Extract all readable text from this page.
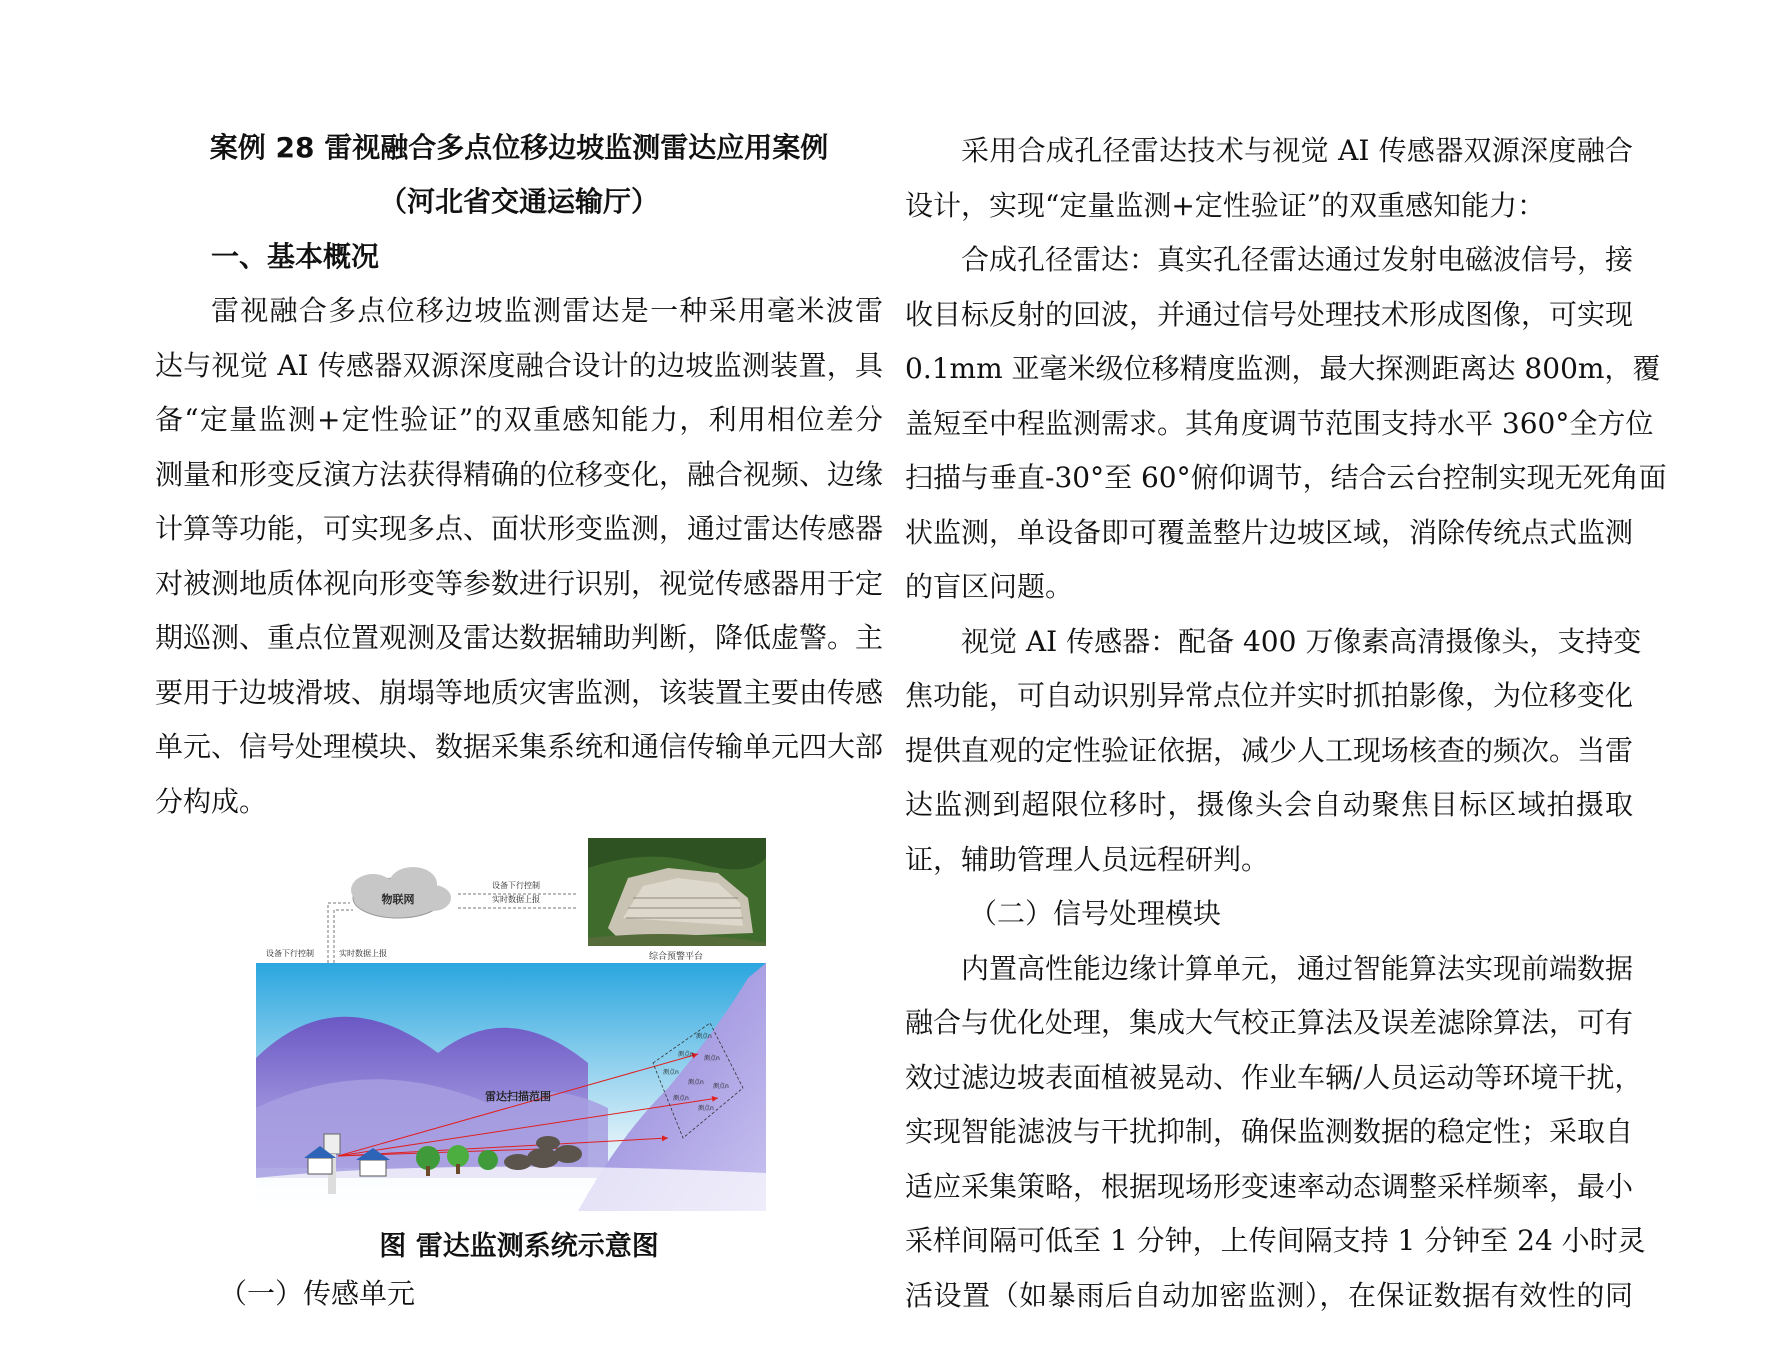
案例 28 雷视融合多点位移边坡监测雷达应用案例
（河北省交通运输厅）
一、基本概况
雷视融合多点位移边坡监测雷达是一种采用毫米波雷
达与视觉 AI 传感器双源深度融合设计的边坡监测装置，具
备“定量监测+定性验证”的双重感知能力，利用相位差分
测量和形变反演方法获得精确的位移变化，融合视频、边缘
计算等功能，可实现多点、面状形变监测，通过雷达传感器
对被测地质体视向形变等参数进行识别，视觉传感器用于定
期巡测、重点位置观测及雷达数据辅助判断，降低虚警。主
要用于边坡滑坡、崩塌等地质灾害监测，该装置主要由传感
单元、信号处理模块、数据采集系统和通信传输单元四大部
分构成。
（一）传感单元
综合预警平台
物联网
设备下行控制
实时数据上报
设备下行控制	实时数据上报
雷达扫描范围
测点n
测点n
测点n
测点n
测点n
测点n
测点n
测点n
图 雷达监测系统示意图
采用合成孔径雷达技术与视觉 AI 传感器双源深度融合
设计，实现“定量监测+定性验证”的双重感知能力：
合成孔径雷达：真实孔径雷达通过发射电磁波信号，接
收目标反射的回波，并通过信号处理技术形成图像，可实现
0.1mm 亚毫米级位移精度监测，最大探测距离达 800m，覆
盖短至中程监测需求。其角度调节范围支持水平 360°全方位
扫描与垂直-30°至 60°俯仰调节，结合云台控制实现无死角面
状监测，单设备即可覆盖整片边坡区域，消除传统点式监测
的盲区问题。
视觉 AI 传感器：配备 400 万像素高清摄像头，支持变
焦功能，可自动识别异常点位并实时抓拍影像，为位移变化
提供直观的定性验证依据，减少人工现场核查的频次。当雷
达监测到超限位移时，摄像头会自动聚焦目标区域拍摄取
证，辅助管理人员远程研判。
（二）信号处理模块
内置高性能边缘计算单元，通过智能算法实现前端数据
融合与优化处理，集成大气校正算法及误差滤除算法，可有
效过滤边坡表面植被晃动、作业车辆/人员运动等环境干扰，
实现智能滤波与干扰抑制，确保监测数据的稳定性；采取自
适应采集策略，根据现场形变速率动态调整采样频率，最小
采样间隔可低至 1 分钟，上传间隔支持 1 分钟至 24 小时灵
活设置（如暴雨后自动加密监测），在保证数据有效性的同
